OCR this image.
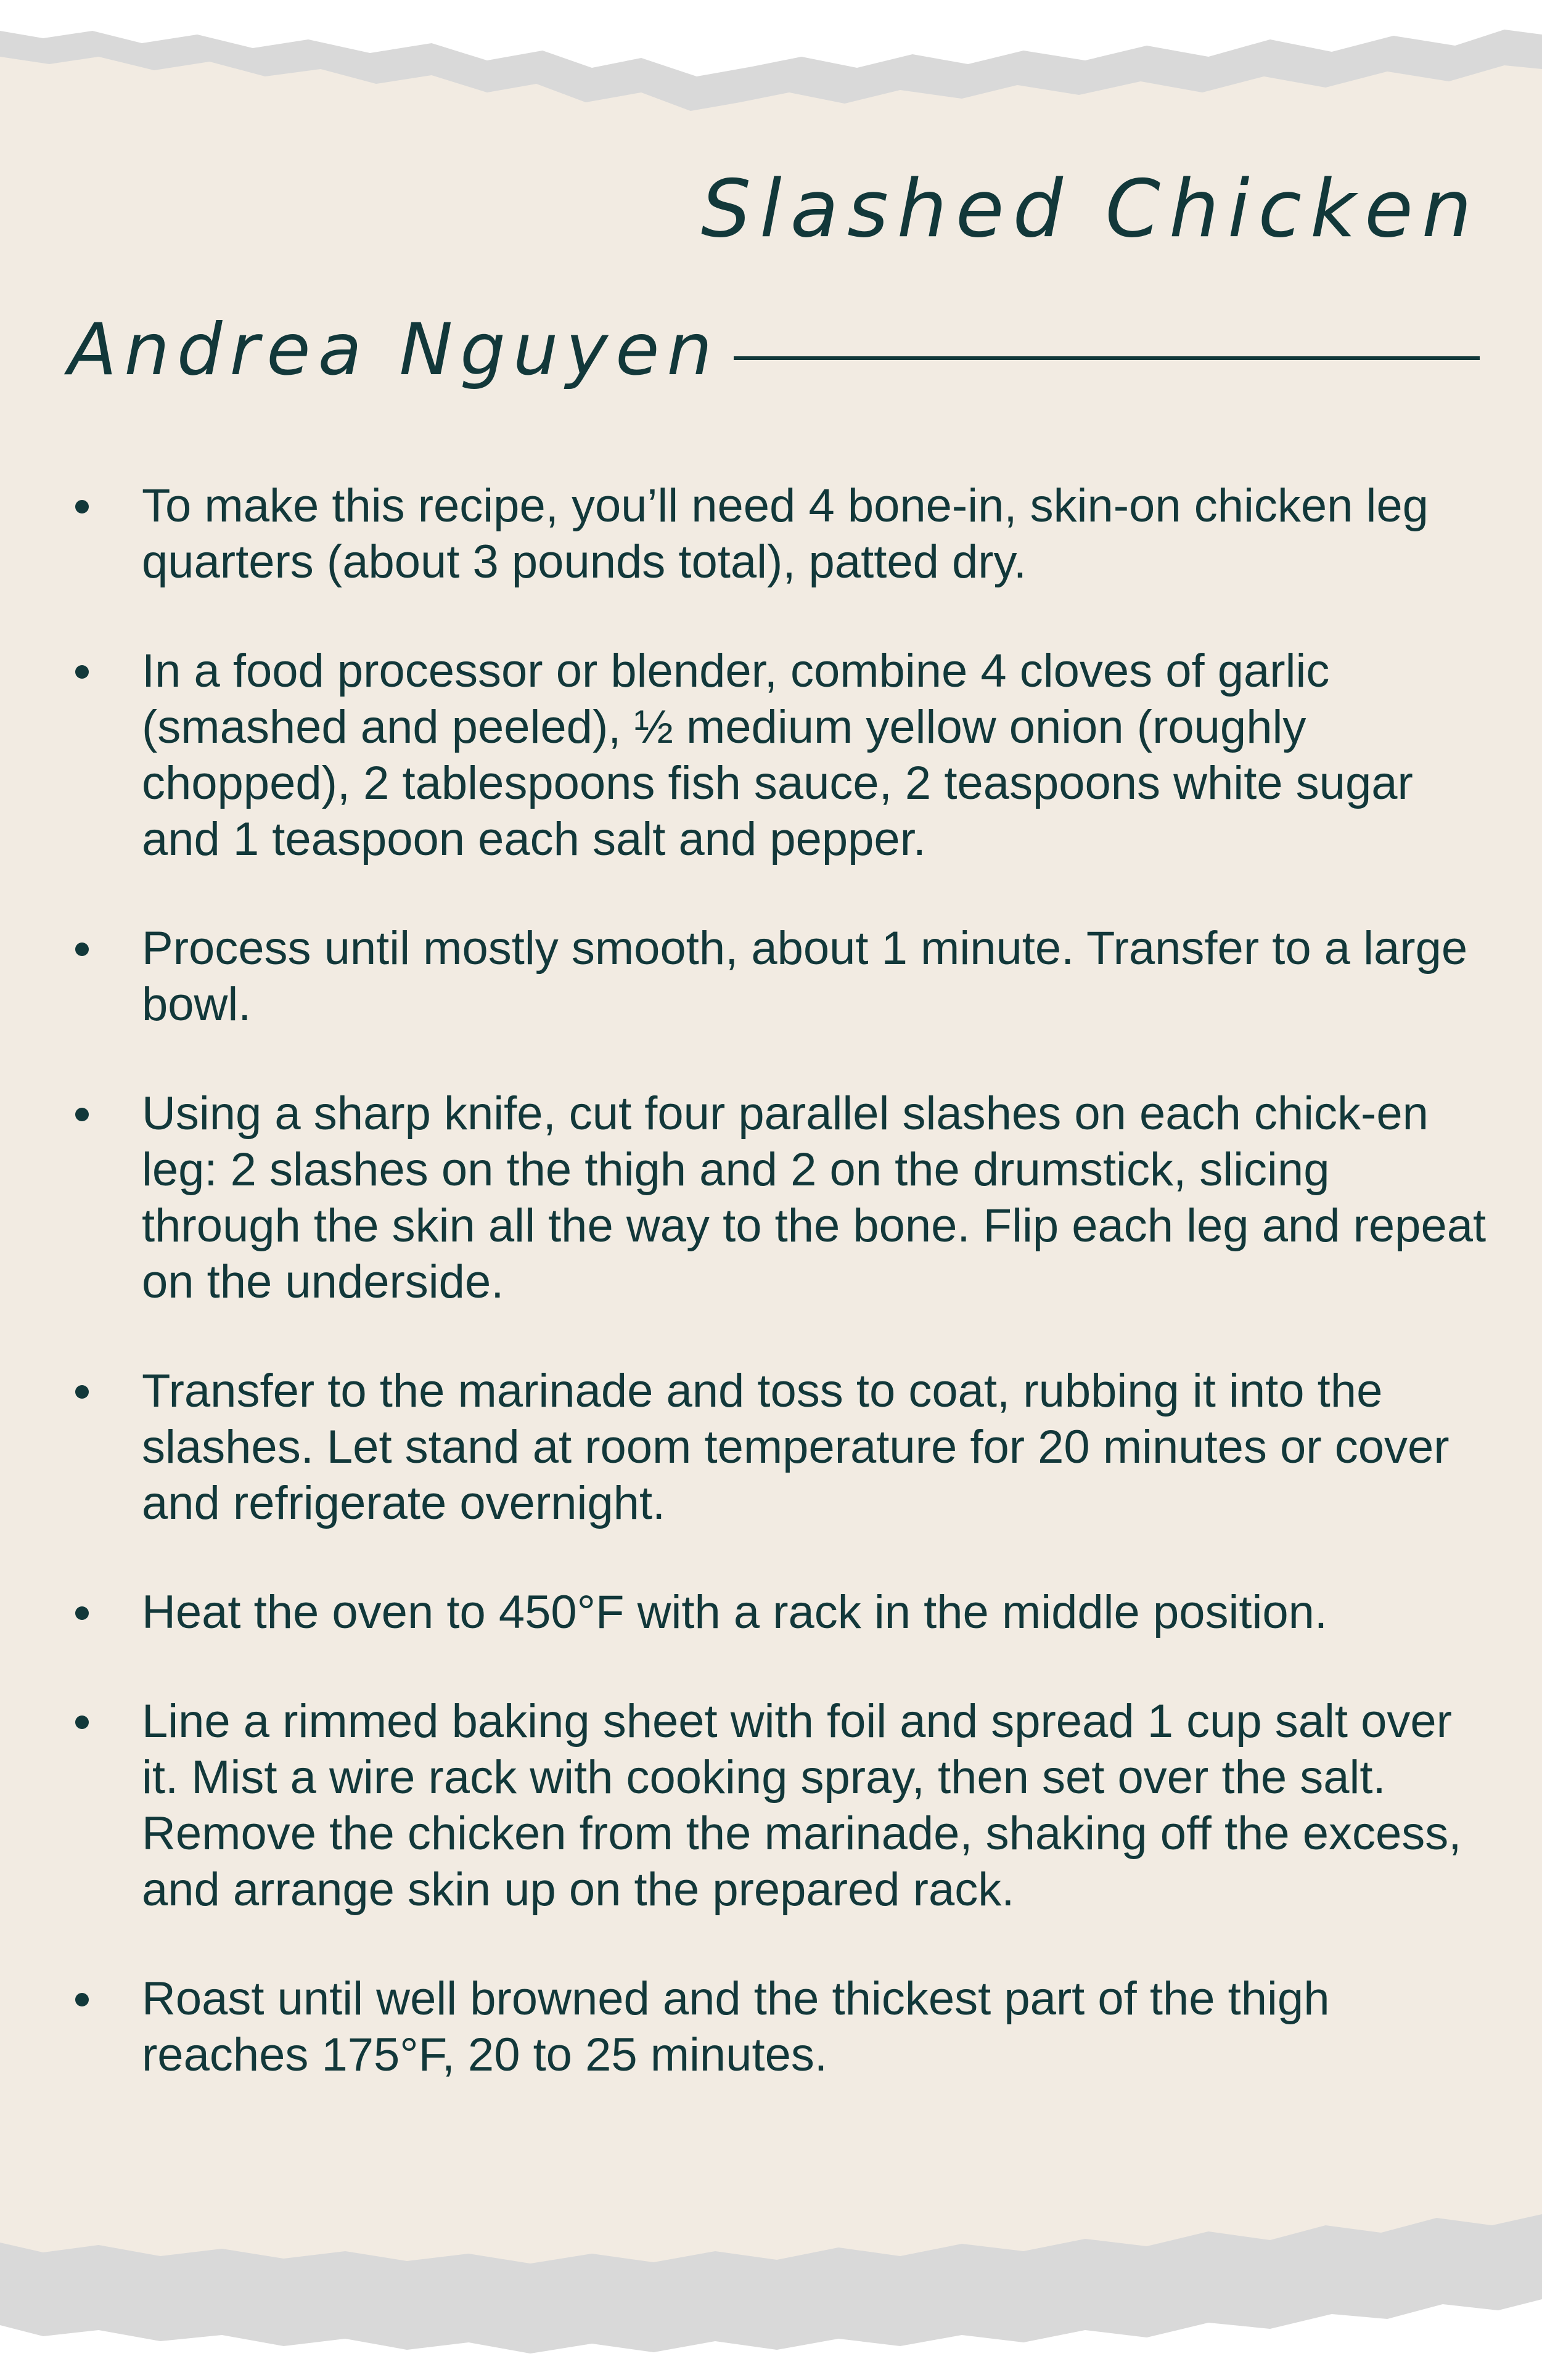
Slashed Chicken
Andrea Nguyen
To make this recipe, you’ll need 4 bone-in, skin-on chicken leg quarters (about 3 pounds total), patted dry.
In a food processor or blender, combine 4 cloves of garlic (smashed and peeled), ½ medium yellow onion (roughly chopped), 2 tablespoons fish sauce, 2 teaspoons white sugar and 1 teaspoon each salt and pepper.
Process until mostly smooth, about 1 minute. Transfer to a large bowl.
Using a sharp knife, cut four parallel slashes on each chick-en leg: 2 slashes on the thigh and 2 on the drumstick, slicing through the skin all the way to the bone. Flip each leg and repeat on the underside.
Transfer to the marinade and toss to coat, rubbing it into the slashes. Let stand at room temperature for 20 minutes or cover and refrigerate overnight.
Heat the oven to 450°F with a rack in the middle position.
Line a rimmed baking sheet with foil and spread 1 cup salt over it. Mist a wire rack with cooking spray, then set over the salt. Remove the chicken from the marinade, shaking off the excess, and arrange skin up on the prepared rack.
Roast until well browned and the thickest part of the thigh reaches 175°F, 20 to 25 minutes.
